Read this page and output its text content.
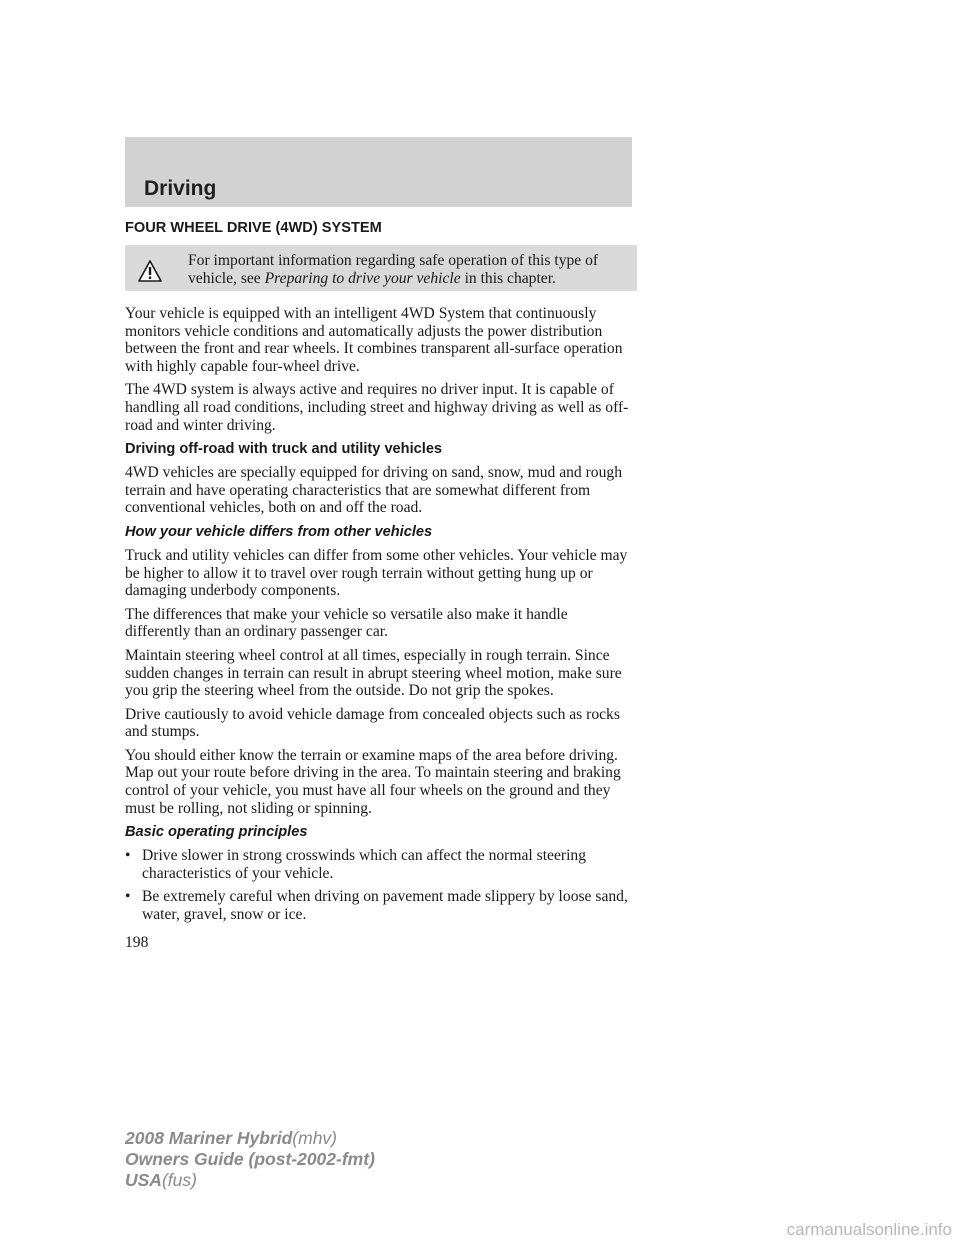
Driving
FOUR WHEEL DRIVE (4WD) SYSTEM
For important information regarding safe operation of this type of vehicle, see Preparing to drive your vehicle in this chapter.

Your vehicle is equipped with an intelligent 4WD System that continuously monitors vehicle conditions and automatically adjusts the power distribution between the front and rear wheels. It combines transparent all-surface operation with highly capable four-wheel drive.

The 4WD system is always active and requires no driver input. It is capable of handling all road conditions, including street and highway driving as well as off-road and winter driving.

Driving off-road with truck and utility vehicles

4WD vehicles are specially equipped for driving on sand, snow, mud and rough terrain and have operating characteristics that are somewhat different from conventional vehicles, both on and off the road.

How your vehicle differs from other vehicles

Truck and utility vehicles can differ from some other vehicles. Your vehicle may be higher to allow it to travel over rough terrain without getting hung up or damaging underbody components.

The differences that make your vehicle so versatile also make it handle differently than an ordinary passenger car.

Maintain steering wheel control at all times, especially in rough terrain. Since sudden changes in terrain can result in abrupt steering wheel motion, make sure you grip the steering wheel from the outside. Do not grip the spokes.

Drive cautiously to avoid vehicle damage from concealed objects such as rocks and stumps.

You should either know the terrain or examine maps of the area before driving. Map out your route before driving in the area. To maintain steering and braking control of your vehicle, you must have all four wheels on the ground and they must be rolling, not sliding or spinning.

Basic operating principles
• Drive slower in strong crosswinds which can affect the normal steering characteristics of your vehicle.
• Be extremely careful when driving on pavement made slippery by loose sand, water, gravel, snow or ice.
198
2008 Mariner Hybrid(mhv)
Owners Guide (post-2002-fmt)
USA(fus)
carmanualsonline.info
